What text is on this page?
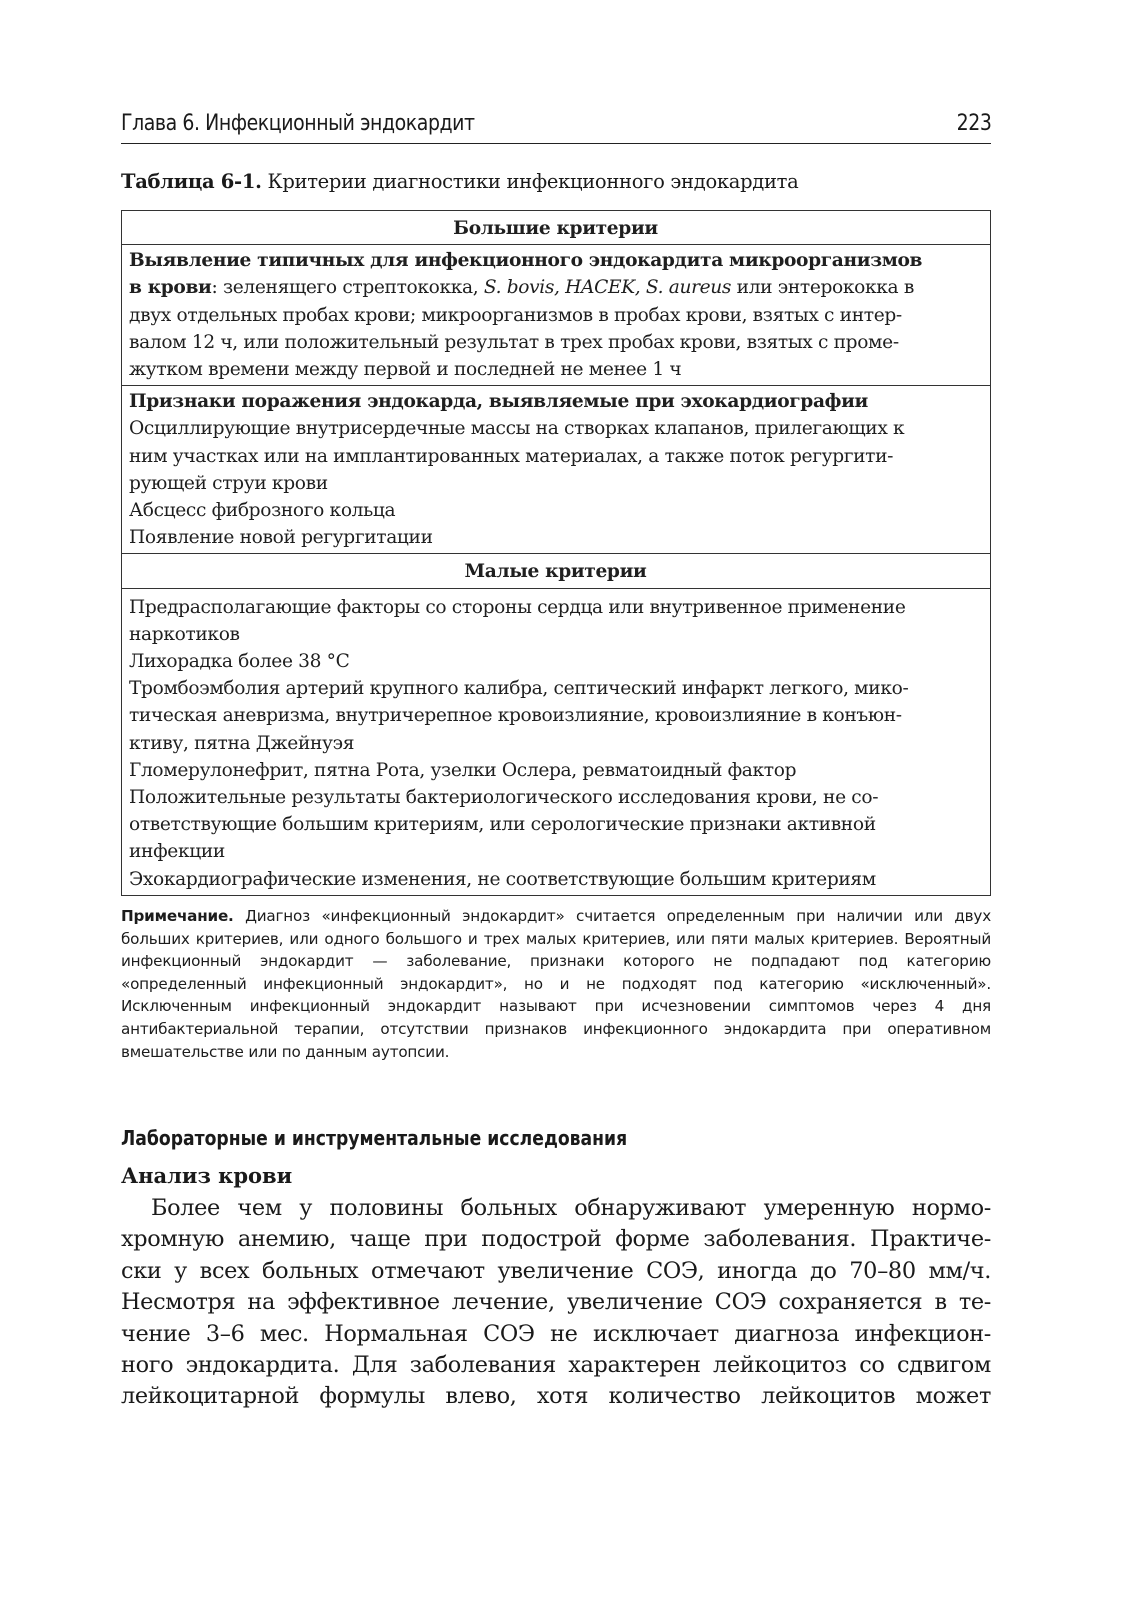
Глава 6. Инфекционный эндокардит	223
Таблица 6-1. Критерии диагностики инфекционного эндокардита
Большие критерии

Выявление типичных для инфекционного эндокардита микроорганизмов
в крови: зеленящего стрептококка, S. bovis, HACEK, S. aureus или энтерококка в
двух отдельных пробах крови; микроорганизмов в пробах крови, взятых с интер-
валом 12 ч, или положительный результат в трех пробах крови, взятых с проме-
жутком времени между первой и последней не менее 1 ч

Признаки поражения эндокарда, выявляемые при эхокардиографии
Осциллирующие внутрисердечные массы на створках клапанов, прилегающих к
ним участках или на имплантированных материалах, а также поток регургити-
рующей струи крови
Абсцесс фиброзного кольца
Появление новой регургитации

Малые критерии

Предрасполагающие факторы со стороны сердца или внутривенное применение
наркотиков
Лихорадка более 38 °C
Тромбоэмболия артерий крупного калибра, септический инфаркт легкого, мико-
тическая аневризма, внутричерепное кровоизлияние, кровоизлияние в конъюн-
ктиву, пятна Джейнуэя
Гломерулонефрит, пятна Рота, узелки Ослера, ревматоидный фактор
Положительные результаты бактериологического исследования крови, не со-
ответствующие большим критериям, или серологические признаки активной
инфекции
Эхокардиографические изменения, не соответствующие большим критериям
Примечание. Диагноз «инфекционный эндокардит» считается определенным при наличии или двух больших критериев, или одного большого и трех малых критериев, или пяти малых критериев. Вероятный инфекционный эндокардит — заболевание, признаки которого не подпадают под категорию «определенный инфекционный эндокардит», но и не подходят под категорию «исключенный». Исключенным инфекционный эндокардит называют при исчезновении симптомов через 4 дня антибактериальной терапии, отсутствии признаков инфекционного эндокардита при оперативном вмешательстве или по данным аутопсии.
Лабораторные и инструментальные исследования
Анализ крови
Более чем у половины больных обнаруживают умеренную нормо-
хромную анемию, чаще при подострой форме заболевания. Практиче-
ски у всех больных отмечают увеличение СОЭ, иногда до 70–80 мм/ч.
Несмотря на эффективное лечение, увеличение СОЭ сохраняется в те-
чение 3–6 мес. Нормальная СОЭ не исключает диагноза инфекцион-
ного эндокардита. Для заболевания характерен лейкоцитоз со сдвигом
лейкоцитарной формулы влево, хотя количество лейкоцитов может
